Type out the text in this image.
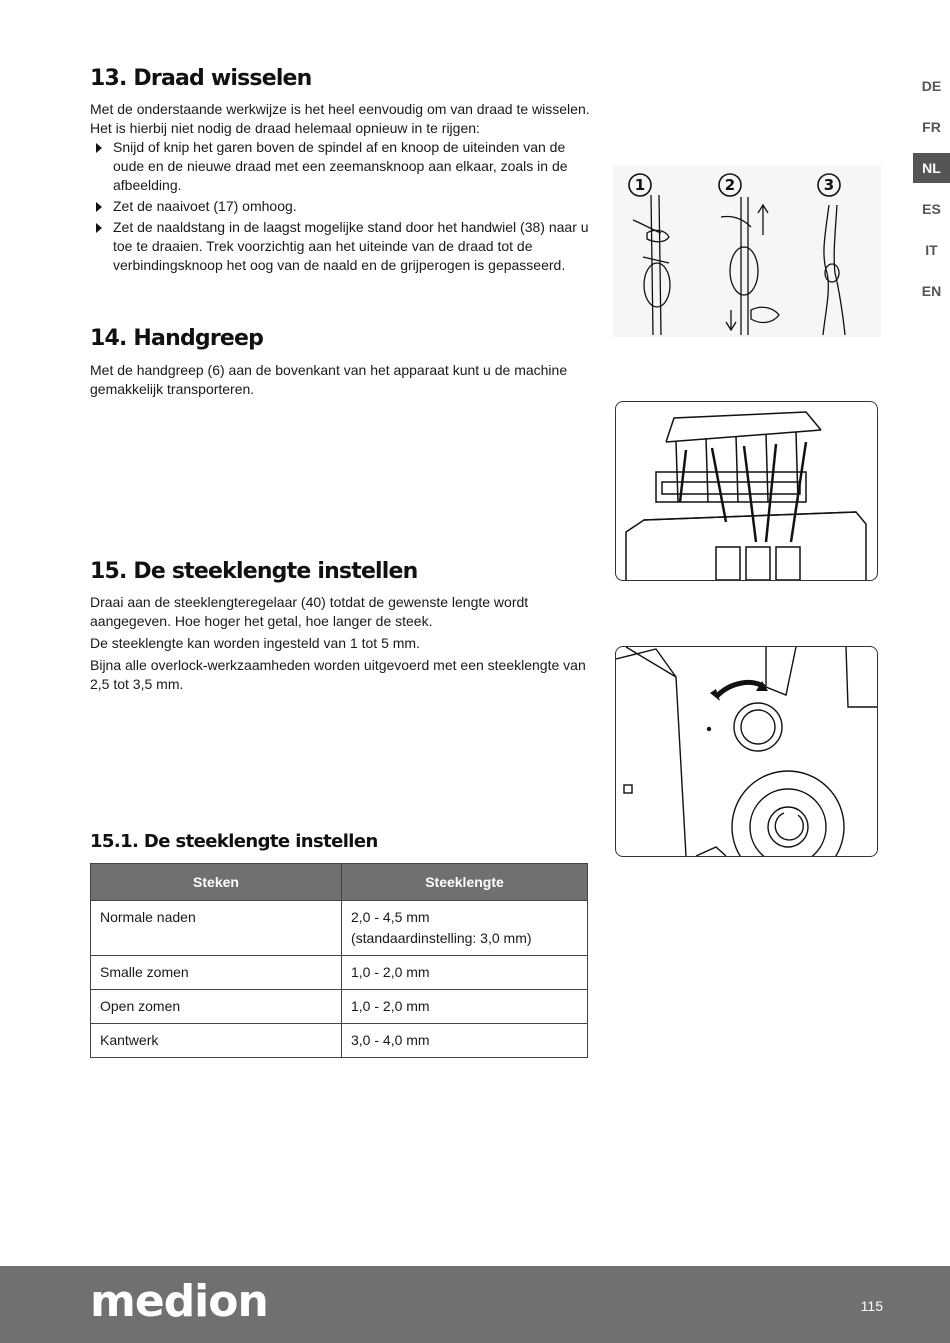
DE
FR
NL
ES
IT
EN
13. Draad wisselen

Met de onderstaande werkwijze is het heel eenvoudig om van draad te wisselen. Het is hierbij niet nodig de draad helemaal opnieuw in te rijgen:

Snijd of knip het garen boven de spindel af en knoop de uiteinden van de oude en de nieuwe draad met een zeemansknoop aan elkaar, zoals in de afbeelding.
Zet de naaivoet (17) omhoog.
Zet de naaldstang in de laagst mogelijke stand door het handwiel (38) naar u toe te draaien. Trek voorzichtig aan het uiteinde van de draad tot de verbindingsknoop het oog van de naald en de grijperogen is gepasseerd.
14. Handgreep

Met de handgreep (6) aan de bovenkant van het apparaat kunt u de machine gemakkelijk transporteren.

15. De steeklengte instellen

Draai aan de steeklengteregelaar (40) totdat de gewenste lengte wordt aangegeven. Hoe hoger het getal, hoe langer de steek.

De steeklengte kan worden ingesteld van 1 tot 5 mm.

Bijna alle overlock-werkzaamheden worden uitgevoerd met een steeklengte van 2,5 tot 3,5 mm.

15.1. De steeklengte instellen
Steken	Steeklengte
Normale naden	2,0 - 4,5 mm
(standaardinstelling: 3,0 mm)

Smalle zomen	1,0 - 2,0 mm
Open zomen	1,0 - 2,0 mm
Kantwerk	3,0 - 4,0 mm
1	2	3
medion	115
